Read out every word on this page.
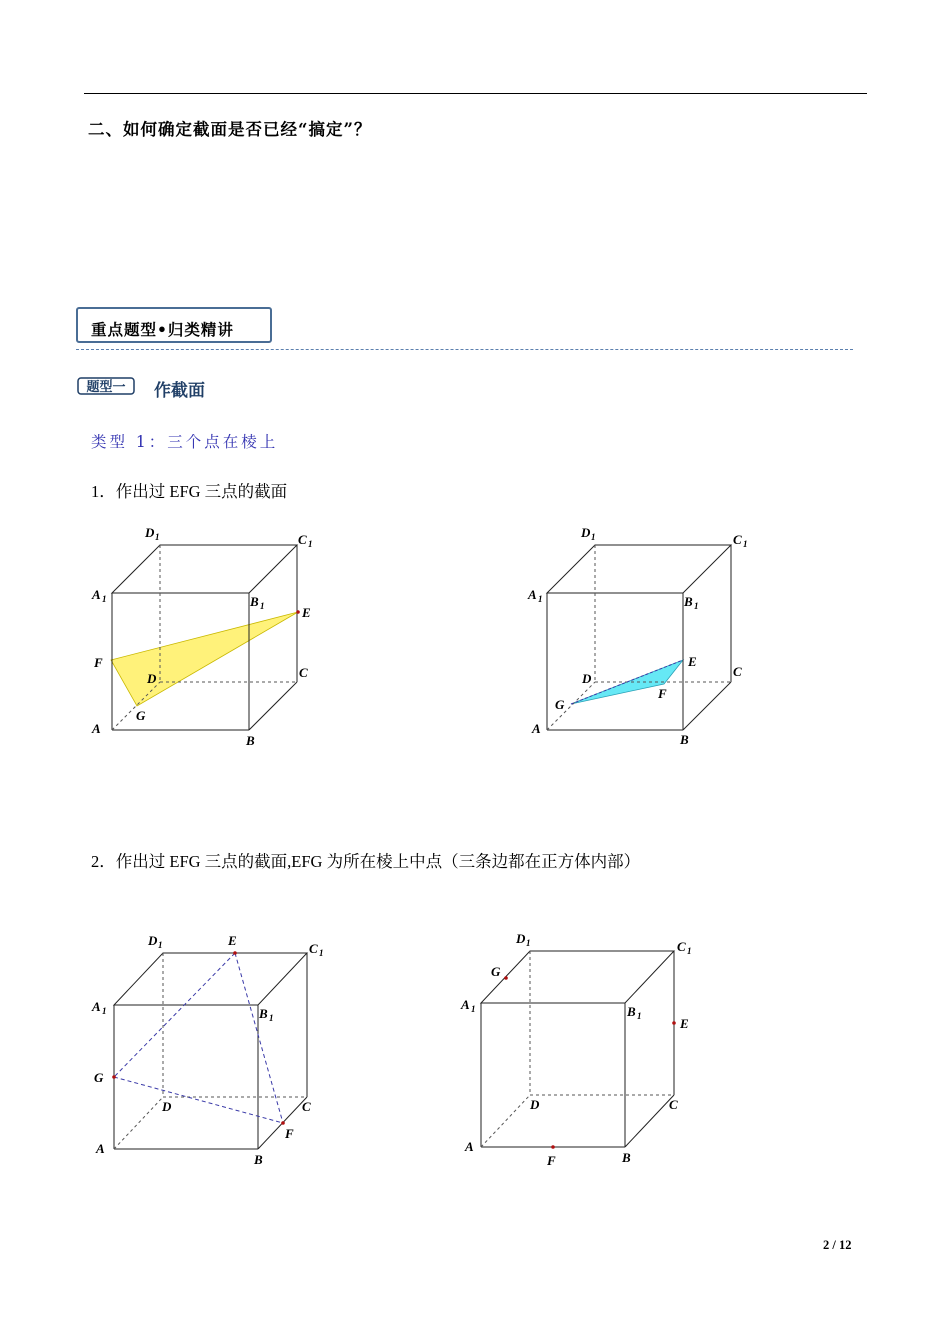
二、如何确定截面是否已经“搞定”？
重点题型•归类精讲
题型一 作截面
类型 1：三个点在棱上
1．作出过 EFG 三点的截面
A
B
C
D
A 1	B 1
C 1
D 1
E
F
G
A
B
C
D
A 1	B 1
C 1
D 1
E
F
G
2．作出过 EFG 三点的截面,EFG 为所在棱上中点（三条边都在正方体内部）
A
B
C
D
A 1	B 1
C 1
D 1	E
F
G
A
B
C
D
A 1	B 1
C 1
D 1
E
F
G
2 / 12
